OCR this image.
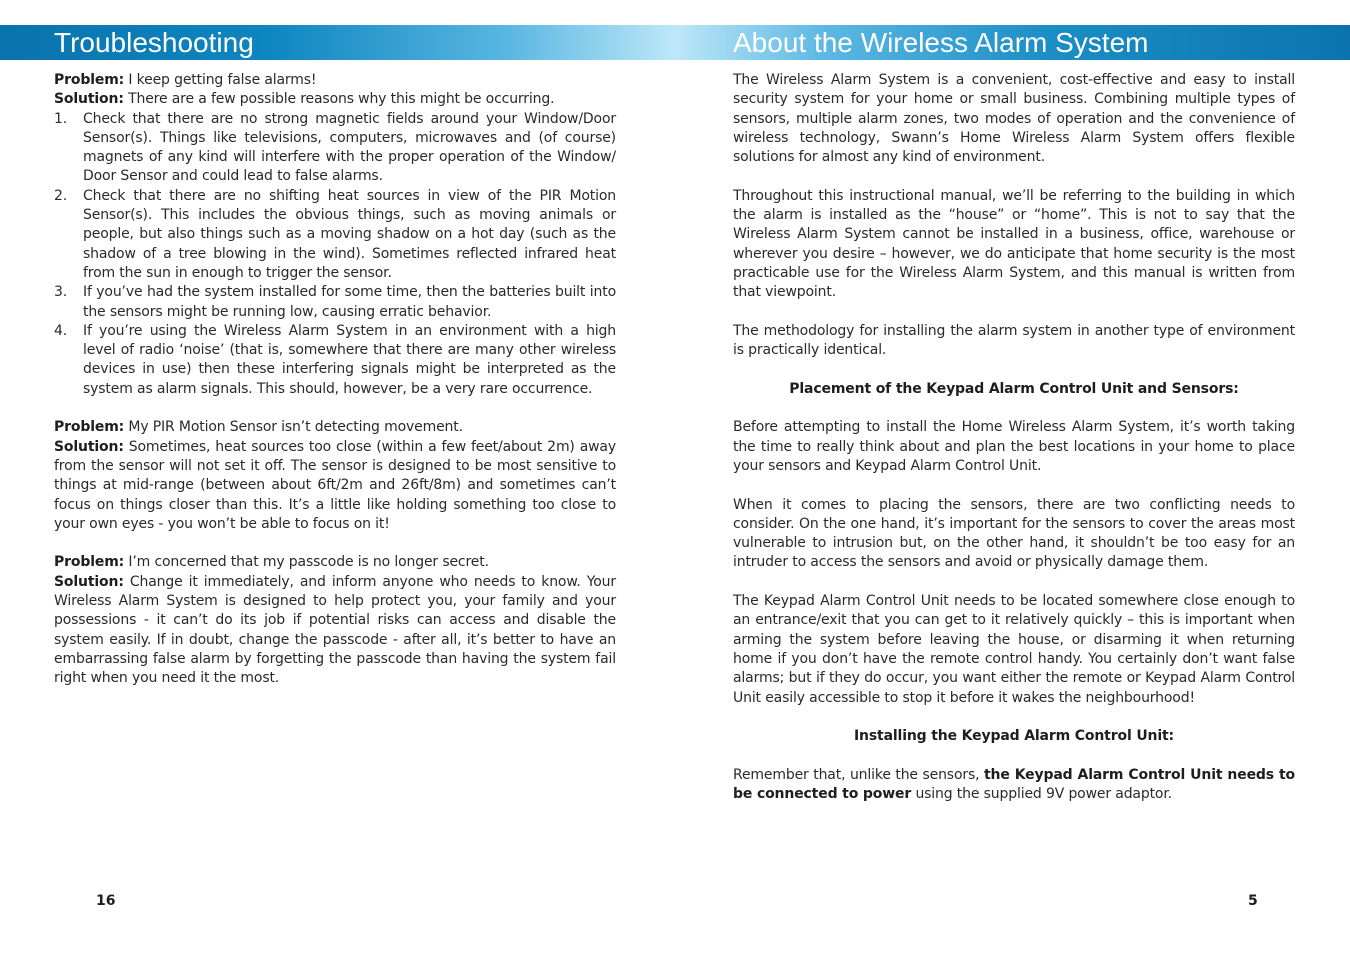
Troubleshooting	About the Wireless Alarm System

Problem: I keep getting false alarms!

Solution: There are a few possible reasons why this might be occurring.

1. Check that there are no strong magnetic fields around your Window/Door Sensor(s). Things like televisions, computers, microwaves and (of course) magnets of any kind will interfere with the proper operation of the Window/ Door Sensor and could lead to false alarms.
2. Check that there are no shifting heat sources in view of the PIR Motion Sensor(s). This includes the obvious things, such as moving animals or people, but also things such as a moving shadow on a hot day (such as the shadow of a tree blowing in the wind). Sometimes reflected infrared heat from the sun in enough to trigger the sensor.
3. If you’ve had the system installed for some time, then the batteries built into the sensors might be running low, causing erratic behavior.
4. If you’re using the Wireless Alarm System in an environment with a high level of radio ‘noise’ (that is, somewhere that there are many other wireless devices in use) then these interfering signals might be interpreted as the system as alarm signals. This should, however, be a very rare occurrence.

Problem: My PIR Motion Sensor isn’t detecting movement.

Solution: Sometimes, heat sources too close (within a few feet/about 2m) away from the sensor will not set it off. The sensor is designed to be most sensitive to things at mid-range (between about 6ft/2m and 26ft/8m) and sometimes can’t focus on things closer than this. It’s a little like holding something too close to your own eyes - you won’t be able to focus on it!

Problem: I’m concerned that my passcode is no longer secret.

Solution: Change it immediately, and inform anyone who needs to know. Your Wireless Alarm System is designed to help protect you, your family and your possessions - it can’t do its job if potential risks can access and disable the system easily. If in doubt, change the passcode - after all, it’s better to have an embarrassing false alarm by forgetting the passcode than having the system fail right when you need it the most.

The Wireless Alarm System is a convenient, cost-effective and easy to install security system for your home or small business. Combining multiple types of sensors, multiple alarm zones, two modes of operation and the convenience of wireless technology, Swann’s Home Wireless Alarm System offers flexible solutions for almost any kind of environment.

Throughout this instructional manual, we’ll be referring to the building in which the alarm is installed as the “house” or “home”. This is not to say that the Wireless Alarm System cannot be installed in a business, office, warehouse or wherever you desire – however, we do anticipate that home security is the most practicable use for the Wireless Alarm System, and this manual is written from that viewpoint.

The methodology for installing the alarm system in another type of environment is practically identical.

Placement of the Keypad Alarm Control Unit and Sensors:

Before attempting to install the Home Wireless Alarm System, it’s worth taking the time to really think about and plan the best locations in your home to place your sensors and Keypad Alarm Control Unit.

When it comes to placing the sensors, there are two conflicting needs to consider. On the one hand, it’s important for the sensors to cover the areas most vulnerable to intrusion but, on the other hand, it shouldn’t be too easy for an intruder to access the sensors and avoid or physically damage them.

The Keypad Alarm Control Unit needs to be located somewhere close enough to an entrance/exit that you can get to it relatively quickly – this is important when arming the system before leaving the house, or disarming it when returning home if you don’t have the remote control handy. You certainly don’t want false alarms; but if they do occur, you want either the remote or Keypad Alarm Control Unit easily accessible to stop it before it wakes the neighbourhood!

Installing the Keypad Alarm Control Unit:

Remember that, unlike the sensors, the Keypad Alarm Control Unit needs to be connected to power using the supplied 9V power adaptor.

16	5
